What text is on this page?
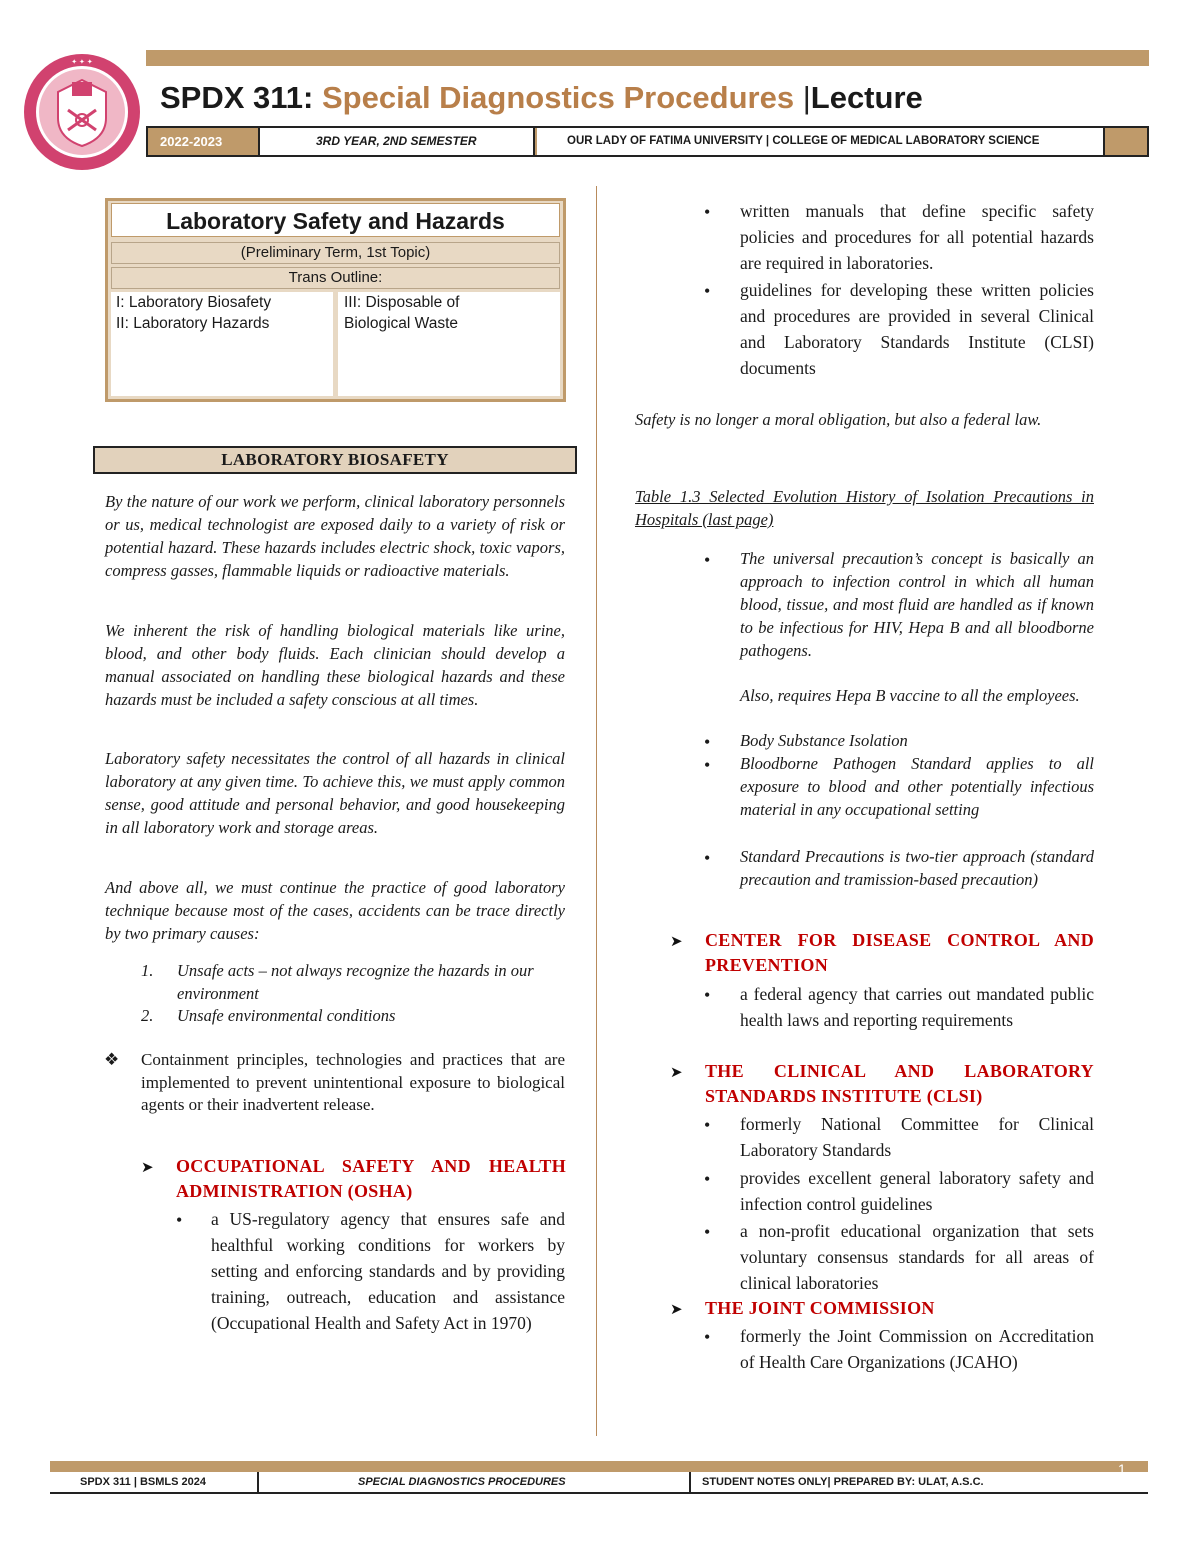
✦ ✦ ✦
SPDX 311: Special Diagnostics Procedures |Lecture
2022-2023	3RD YEAR, 2ND SEMESTER	OUR LADY OF FATIMA UNIVERSITY | COLLEGE OF MEDICAL LABORATORY SCIENCE
Laboratory Safety and Hazards
(Preliminary Term, 1st Topic)
Trans Outline:
I: Laboratory Biosafety
II: Laboratory Hazards
III: Disposable of
Biological Waste
LABORATORY BIOSAFETY
By the nature of our work we perform, clinical laboratory personnels or us, medical technologist are exposed daily to a variety of risk or potential hazard. These hazards includes electric shock, toxic vapors, compress gasses, flammable liquids or radioactive materials.
We inherent the risk of handling biological materials like urine, blood, and other body fluids. Each clinician should develop a manual associated on handling these biological hazards and these hazards must be included a safety conscious at all times.
Laboratory safety necessitates the control of all hazards in clinical laboratory at any given time. To achieve this, we must apply common sense, good attitude and personal behavior, and good housekeeping in all laboratory work and storage areas.
And above all, we must continue the practice of good laboratory technique because most of the cases, accidents can be trace directly by two primary causes:
1. Unsafe acts – not always recognize the hazards in our environment
2. Unsafe environmental conditions
❖ Containment principles, technologies and practices that are implemented to prevent unintentional exposure to biological agents or their inadvertent release.
➤ OCCUPATIONAL SAFETY AND HEALTH ADMINISTRATION (OSHA)
• a US-regulatory agency that ensures safe and healthful working conditions for workers by setting and enforcing standards and by providing training, outreach, education and assistance (Occupational Health and Safety Act in 1970)
• written manuals that define specific safety policies and procedures for all potential hazards are required in laboratories.
• guidelines for developing these written policies and procedures are provided in several Clinical and Laboratory Standards Institute (CLSI) documents
Safety is no longer a moral obligation, but also a federal law.
Table 1.3 Selected Evolution History of Isolation Precautions in Hospitals (last page)
• The universal precaution’s concept is basically an approach to infection control in which all human blood, tissue, and most fluid are handled as if known to be infectious for HIV, Hepa B and all bloodborne pathogens.
Also, requires Hepa B vaccine to all the employees.
• Body Substance Isolation
• Bloodborne Pathogen Standard applies to all exposure to blood and other potentially infectious material in any occupational setting
• Standard Precautions is two-tier approach (standard precaution and tramission-based precaution)
➤ CENTER FOR DISEASE CONTROL AND PREVENTION
• a federal agency that carries out mandated public health laws and reporting requirements
➤ THE CLINICAL AND LABORATORY STANDARDS INSTITUTE (CLSI)
• formerly National Committee for Clinical Laboratory Standards
• provides excellent general laboratory safety and infection control guidelines
• a non-profit educational organization that sets voluntary consensus standards for all areas of clinical laboratories
➤ THE JOINT COMMISSION
• formerly the Joint Commission on Accreditation of Health Care Organizations (JCAHO)
1
SPDX 311 | BSMLS 2024	SPECIAL DIAGNOSTICS PROCEDURES	STUDENT NOTES ONLY| PREPARED BY: ULAT, A.S.C.
